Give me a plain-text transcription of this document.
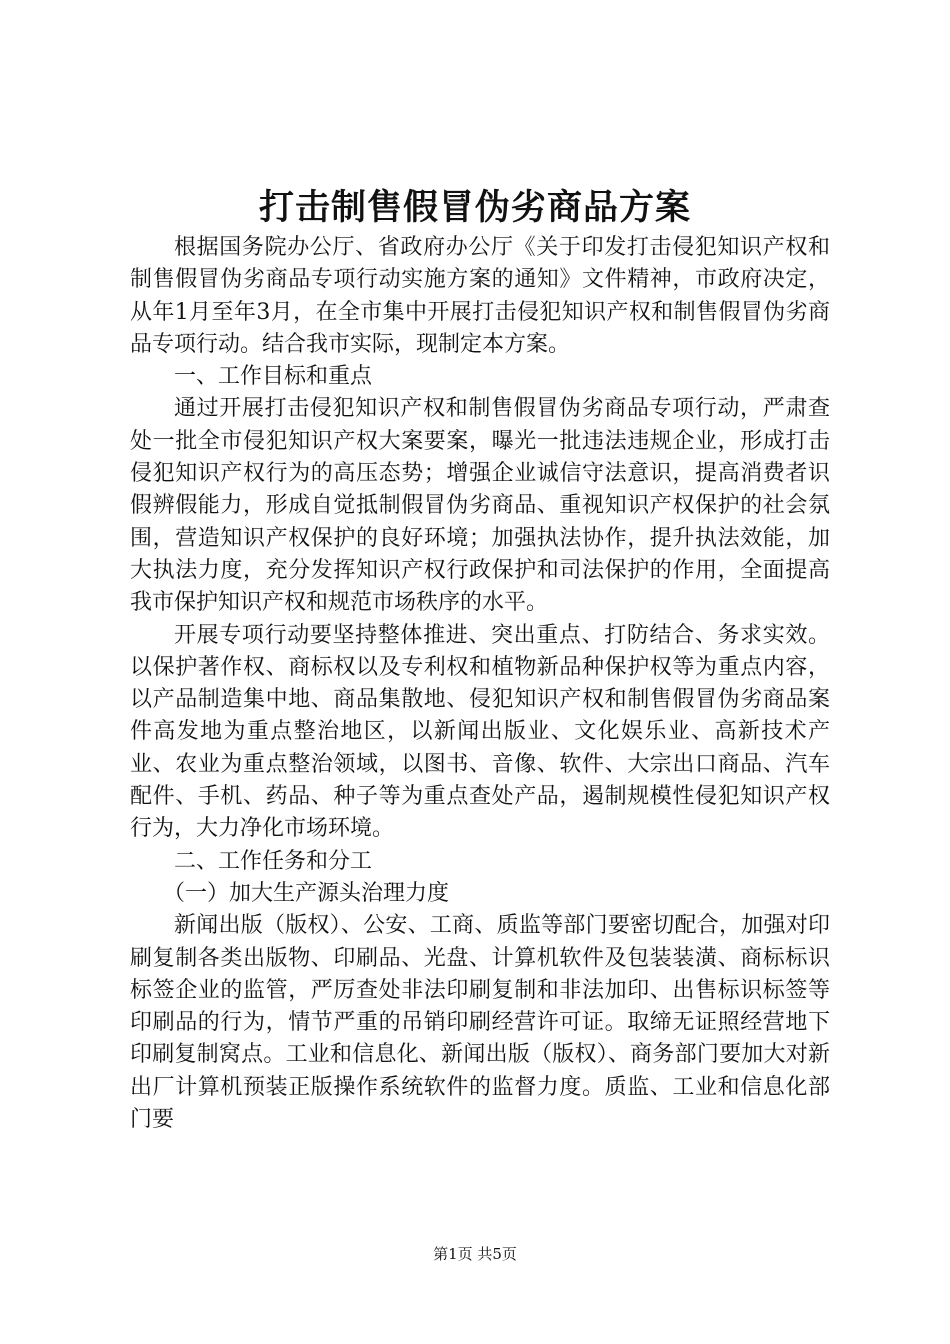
打击制售假冒伪劣商品方案

根据国务院办公厅、省政府办公厅《关于印发打击侵犯知识产权和制售假冒伪劣商品专项行动实施方案的通知》文件精神，市政府决定，从年1月至年3月，在全市集中开展打击侵犯知识产权和制售假冒伪劣商品专项行动。结合我市实际，现制定本方案。

一、工作目标和重点

通过开展打击侵犯知识产权和制售假冒伪劣商品专项行动，严肃查处一批全市侵犯知识产权大案要案，曝光一批违法违规企业，形成打击侵犯知识产权行为的高压态势；增强企业诚信守法意识，提高消费者识假辨假能力，形成自觉抵制假冒伪劣商品、重视知识产权保护的社会氛围，营造知识产权保护的良好环境；加强执法协作，提升执法效能，加大执法力度，充分发挥知识产权行政保护和司法保护的作用，全面提高我市保护知识产权和规范市场秩序的水平。

开展专项行动要坚持整体推进、突出重点、打防结合、务求实效。以保护著作权、商标权以及专利权和植物新品种保护权等为重点内容，以产品制造集中地、商品集散地、侵犯知识产权和制售假冒伪劣商品案件高发地为重点整治地区，以新闻出版业、文化娱乐业、高新技术产业、农业为重点整治领域，以图书、音像、软件、大宗出口商品、汽车配件、手机、药品、种子等为重点查处产品，遏制规模性侵犯知识产权行为，大力净化市场环境。

二、工作任务和分工

（一）加大生产源头治理力度

新闻出版（版权）、公安、工商、质监等部门要密切配合，加强对印刷复制各类出版物、印刷品、光盘、计算机软件及包装装潢、商标标识标签企业的监管，严厉查处非法印刷复制和非法加印、出售标识标签等印刷品的行为，情节严重的吊销印刷经营许可证。取缔无证照经营地下印刷复制窝点。工业和信息化、新闻出版（版权）、商务部门要加大对新出厂计算机预装正版操作系统软件的监督力度。质监、工业和信息化部门要

第1页 共5页
